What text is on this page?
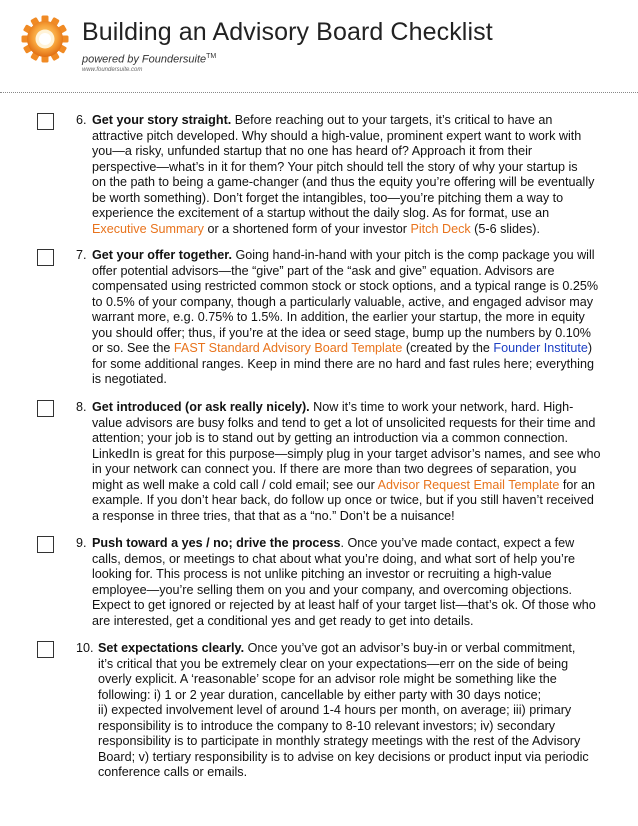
Building an Advisory Board Checklist
powered by Foundersuite™
www.foundersuite.com
6. Get your story straight. Before reaching out to your targets, it’s critical to have an
attractive pitch developed. Why should a high-value, prominent expert want to work with
you—a risky, unfunded startup that no one has heard of? Approach it from their
perspective—what’s in it for them? Your pitch should tell the story of why your startup is
on the path to being a game-changer (and thus the equity you’re offering will be eventually
be worth something). Don’t forget the intangibles, too—you’re pitching them a way to
experience the excitement of a startup without the daily slog. As for format, use an
Executive Summary or a shortened form of your investor Pitch Deck (5-6 slides).
7. Get your offer together. Going hand-in-hand with your pitch is the comp package you will
offer potential advisors—the “give” part of the “ask and give” equation. Advisors are
compensated using restricted common stock or stock options, and a typical range is 0.25%
to 0.5% of your company, though a particularly valuable, active, and engaged advisor may
warrant more, e.g. 0.75% to 1.5%. In addition, the earlier your startup, the more in equity
you should offer; thus, if you’re at the idea or seed stage, bump up the numbers by 0.10%
or so. See the FAST Standard Advisory Board Template (created by the Founder Institute)
for some additional ranges. Keep in mind there are no hard and fast rules here; everything
is negotiated.
8. Get introduced (or ask really nicely). Now it’s time to work your network, hard. High-
value advisors are busy folks and tend to get a lot of unsolicited requests for their time and
attention; your job is to stand out by getting an introduction via a common connection.
LinkedIn is great for this purpose—simply plug in your target advisor’s names, and see who
in your network can connect you. If there are more than two degrees of separation, you
might as well make a cold call / cold email; see our Advisor Request Email Template for an
example. If you don’t hear back, do follow up once or twice, but if you still haven’t received
a response in three tries, that that as a “no.” Don’t be a nuisance!
9. Push toward a yes / no; drive the process. Once you’ve made contact, expect a few
calls, demos, or meetings to chat about what you’re doing, and what sort of help you’re
looking for. This process is not unlike pitching an investor or recruiting a high-value
employee—you’re selling them on you and your company, and overcoming objections.
Expect to get ignored or rejected by at least half of your target list—that’s ok. Of those who
are interested, get a conditional yes and get ready to get into details.
10. Set expectations clearly. Once you’ve got an advisor’s buy-in or verbal commitment,
it’s critical that you be extremely clear on your expectations—err on the side of being
overly explicit. A ‘reasonable’ scope for an advisor role might be something like the
following: i) 1 or 2 year duration, cancellable by either party with 30 days notice;
ii) expected involvement level of around 1-4 hours per month, on average; iii) primary
responsibility is to introduce the company to 8-10 relevant investors; iv) secondary
responsibility is to participate in monthly strategy meetings with the rest of the Advisory
Board; v) tertiary responsibility is to advise on key decisions or product input via periodic
conference calls or emails.
